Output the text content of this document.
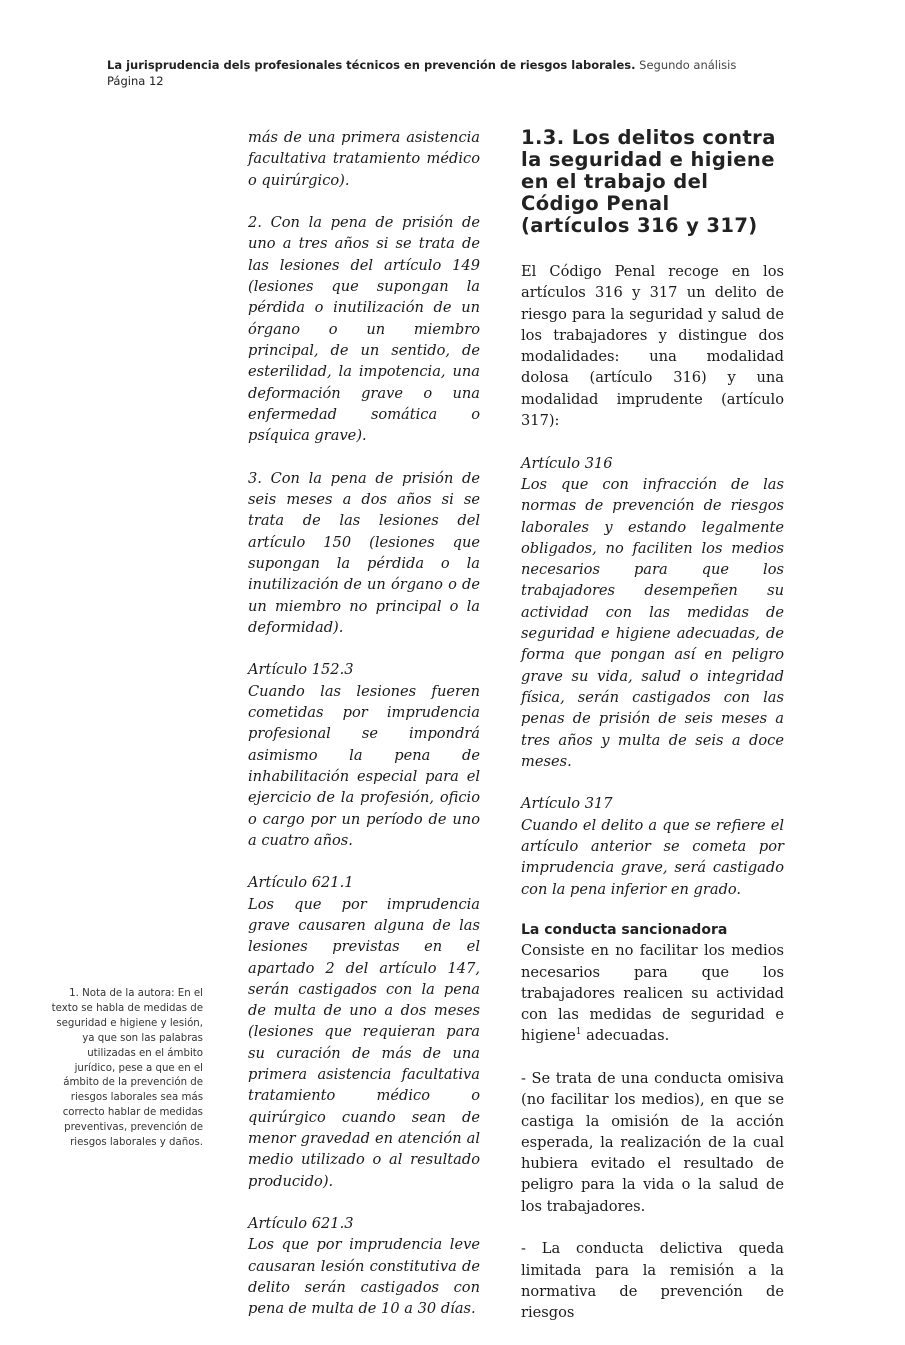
La jurisprudencia dels profesionales técnicos en prevención de riesgos laborales. Segundo análisis
Página 12

más de una primera asistencia facultativa tratamiento médico o quirúrgico).

2. Con la pena de prisión de uno a tres años si se trata de las lesiones del artículo 149 (lesiones que supongan la pérdida o inutilización de un órgano o un miembro principal, de un sentido, de esterilidad, la impotencia, una deformación grave o una enfermedad somática o psíquica grave).

3. Con la pena de prisión de seis meses a dos años si se trata de las lesiones del artículo 150 (lesiones que supongan la pérdida o la inutilización de un órgano o de un miembro no principal o la deformidad).

Artículo 152.3
Cuando las lesiones fueren cometidas por imprudencia profesional se impondrá asimismo la pena de inhabilitación especial para el ejercicio de la profesión, oficio o cargo por un período de uno a cuatro años.

Artículo 621.1
Los que por imprudencia grave causaren alguna de las lesiones previstas en el apartado 2 del artículo 147, serán castigados con la pena de multa de uno a dos meses (lesiones que requieran para su curación de más de una primera asistencia facultativa tratamiento médico o quirúrgico cuando sean de menor gravedad en atención al medio utilizado o al resultado producido).

Artículo 621.3
Los que por imprudencia leve causaran lesión constitutiva de delito serán castigados con pena de multa de 10 a 30 días.

1.3. Los delitos contra la seguridad e higiene en el trabajo del Código Penal (artículos 316 y 317)

El Código Penal recoge en los artículos 316 y 317 un delito de riesgo para la seguridad y salud de los trabajadores y distingue dos modalidades: una modalidad dolosa (artículo 316) y una modalidad imprudente (artículo 317):

Artículo 316
Los que con infracción de las normas de prevención de riesgos laborales y estando legalmente obligados, no faciliten los medios necesarios para que los trabajadores desempeñen su actividad con las medidas de seguridad e higiene adecuadas, de forma que pongan así en peligro grave su vida, salud o integridad física, serán castigados con las penas de prisión de seis meses a tres años y multa de seis a doce meses.

Artículo 317
Cuando el delito a que se refiere el artículo anterior se cometa por imprudencia grave, será castigado con la pena inferior en grado.

La conducta sancionadora

Consiste en no facilitar los medios necesarios para que los trabajadores realicen su actividad con las medidas de seguridad e higiene$^1$ adecuadas.

- Se trata de una conducta omisiva (no facilitar los medios), en que se castiga la omisión de la acción esperada, la realización de la cual hubiera evitado el resultado de peligro para la vida o la salud de los trabajadores.

- La conducta delictiva queda limitada para la remisión a la normativa de prevención de riesgos

1. Nota de la autora: En el texto se habla de medidas de seguridad e higiene y lesión, ya que son las palabras utilizadas en el ámbito jurídico, pese a que en el ámbito de la prevención de riesgos laborales sea más correcto hablar de medidas preventivas, prevención de riesgos laborales y daños.
